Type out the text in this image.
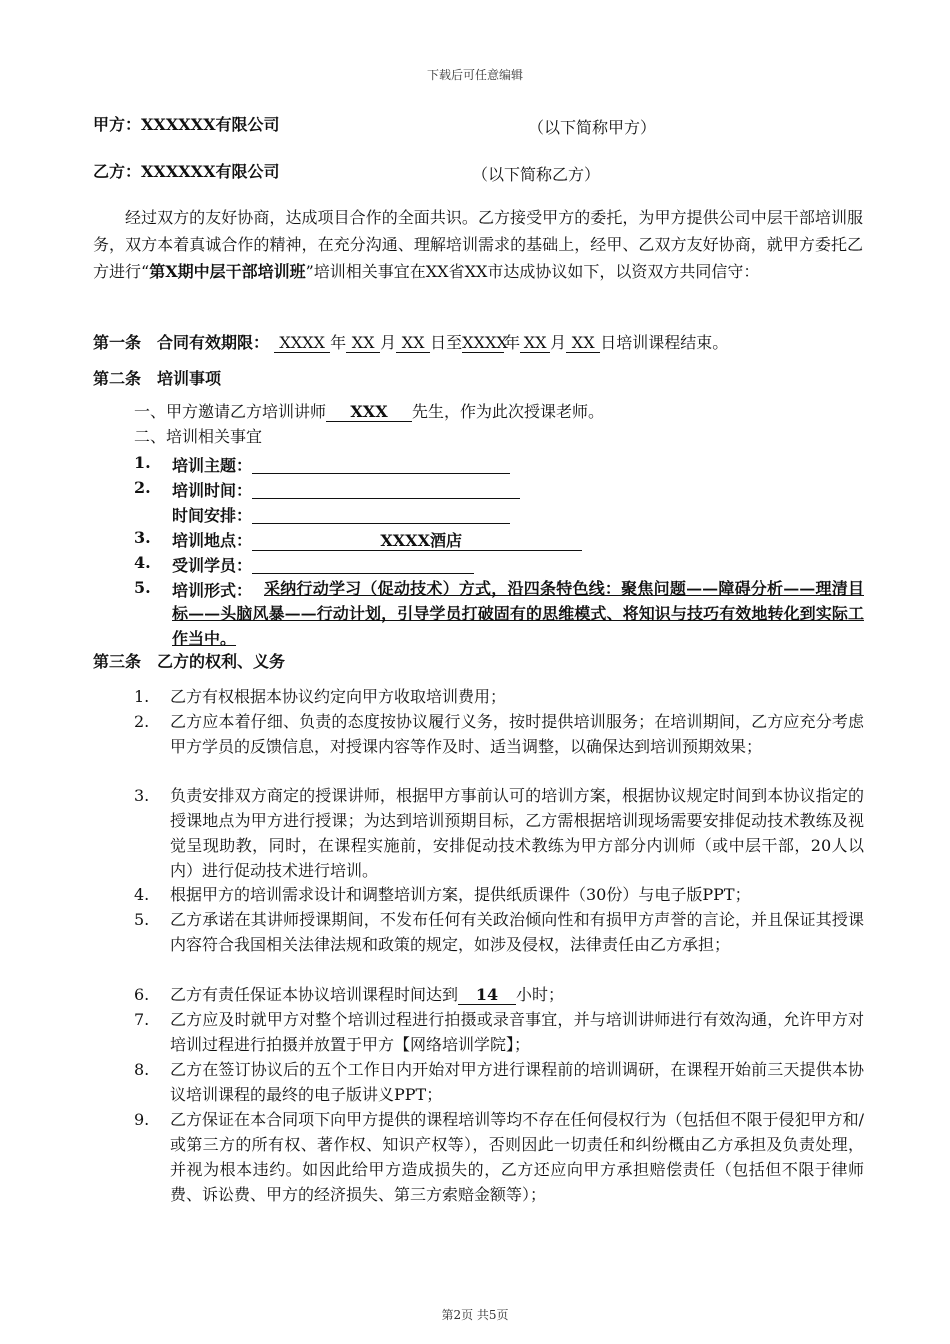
下载后可任意编辑
甲方：XXXXXX有限公司	（以下简称甲方）
乙方：XXXXXX有限公司	（以下简称乙方）
经过双方的友好协商，达成项目合作的全面共识。乙方接受甲方的委托，为甲方提供公司中层干部培训服务，双方本着真诚合作的精神，在充分沟通、理解培训需求的基础上，经甲、乙双方友好协商，就甲方委托乙方进行“第X期中层干部培训班”培训相关事宜在XX省XX市达成协议如下，以资双方共同信守：
第一条　合同有效期限： XXXX 年 XX 月 XX 日至XXXX年 XX 月 XX 日培训课程结束。
第二条　培训事项
一、甲方邀请乙方培训讲师 XXX 先生，作为此次授课老师。
二、培训相关事宜
1. 培训主题：
2. 培训时间：
时间安排：
3. 培训地点：	XXXX酒店
4. 受训学员：
5. 培训形式： 采纳行动学习（促动技术）方式，沿四条特色线：聚焦问题——障碍分析——理清目标——头脑风暴——行动计划，引导学员打破固有的思维模式、将知识与技巧有效地转化到实际工作当中。
第三条　乙方的权利、义务
1.	乙方有权根据本协议约定向甲方收取培训费用；
2.	乙方应本着仔细、负责的态度按协议履行义务，按时提供培训服务；在培训期间，乙方应充分考虑甲方学员的反馈信息，对授课内容等作及时、适当调整，以确保达到培训预期效果；
3.	负责安排双方商定的授课讲师，根据甲方事前认可的培训方案，根据协议规定时间到本协议指定的授课地点为甲方进行授课；为达到培训预期目标，乙方需根据培训现场需要安排促动技术教练及视觉呈现助教，同时，在课程实施前，安排促动技术教练为甲方部分内训师（或中层干部，20人以内）进行促动技术进行培训。
4.	根据甲方的培训需求设计和调整培训方案，提供纸质课件（30份）与电子版PPT；
5.	乙方承诺在其讲师授课期间，不发布任何有关政治倾向性和有损甲方声誉的言论，并且保证其授课内容符合我国相关法律法规和政策的规定，如涉及侵权，法律责任由乙方承担；
6.	乙方有责任保证本协议培训课程时间达到 14 小时；
7.	乙方应及时就甲方对整个培训过程进行拍摄或录音事宜，并与培训讲师进行有效沟通，允许甲方对培训过程进行拍摄并放置于甲方【网络培训学院】；
8.	乙方在签订协议后的五个工作日内开始对甲方进行课程前的培训调研，在课程开始前三天提供本协议培训课程的最终的电子版讲义PPT；
9.	乙方保证在本合同项下向甲方提供的课程培训等均不存在任何侵权行为（包括但不限于侵犯甲方和/或第三方的所有权、著作权、知识产权等），否则因此一切责任和纠纷概由乙方承担及负责处理，并视为根本违约。如因此给甲方造成损失的，乙方还应向甲方承担赔偿责任（包括但不限于律师费、诉讼费、甲方的经济损失、第三方索赔金额等）；
第2页 共5页
